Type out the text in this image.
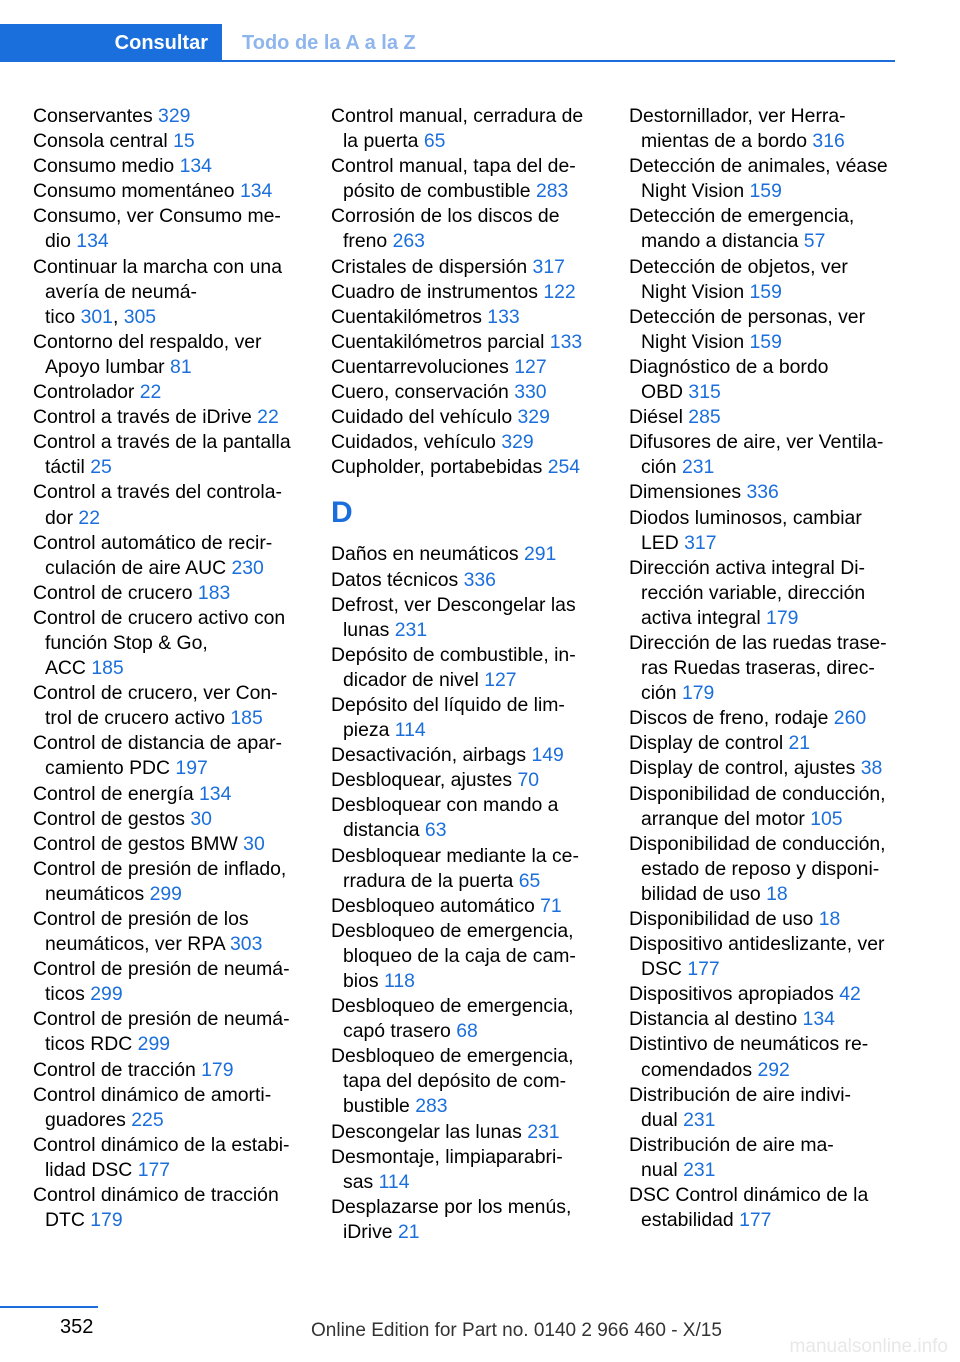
Consultar	Todo de la A a la Z
Conservantes 329
Consola central 15
Consumo medio 134
Consumo momentáneo 134
Consumo, ver Consumo me-
dio 134
Continuar la marcha con una
avería de neumá-
tico 301, 305
Contorno del respaldo, ver
Apoyo lumbar 81
Controlador 22
Control a través de iDrive 22
Control a través de la pantalla
táctil 25
Control a través del controla-
dor 22
Control automático de recir-
culación de aire AUC 230
Control de crucero 183
Control de crucero activo con
función Stop & Go,
ACC 185
Control de crucero, ver Con-
trol de crucero activo 185
Control de distancia de apar-
camiento PDC 197
Control de energía 134
Control de gestos 30
Control de gestos BMW 30
Control de presión de inflado,
neumáticos 299
Control de presión de los
neumáticos, ver RPA 303
Control de presión de neumá-
ticos 299
Control de presión de neumá-
ticos RDC 299
Control de tracción 179
Control dinámico de amorti-
guadores 225
Control dinámico de la estabi-
lidad DSC 177
Control dinámico de tracción
DTC 179
Control manual, cerradura de
la puerta 65
Control manual, tapa del de-
pósito de combustible 283
Corrosión de los discos de
freno 263
Cristales de dispersión 317
Cuadro de instrumentos 122
Cuentakilómetros 133
Cuentakilómetros parcial 133
Cuentarrevoluciones 127
Cuero, conservación 330
Cuidado del vehículo 329
Cuidados, vehículo 329
Cupholder, portabebidas 254
D
Daños en neumáticos 291
Datos técnicos 336
Defrost, ver Descongelar las
lunas 231
Depósito de combustible, in-
dicador de nivel 127
Depósito del líquido de lim-
pieza 114
Desactivación, airbags 149
Desbloquear, ajustes 70
Desbloquear con mando a
distancia 63
Desbloquear mediante la ce-
rradura de la puerta 65
Desbloqueo automático 71
Desbloqueo de emergencia,
bloqueo de la caja de cam-
bios 118
Desbloqueo de emergencia,
capó trasero 68
Desbloqueo de emergencia,
tapa del depósito de com-
bustible 283
Descongelar las lunas 231
Desmontaje, limpiaparabri-
sas 114
Desplazarse por los menús,
iDrive 21
Destornillador, ver Herra-
mientas de a bordo 316
Detección de animales, véase
Night Vision 159
Detección de emergencia,
mando a distancia 57
Detección de objetos, ver
Night Vision 159
Detección de personas, ver
Night Vision 159
Diagnóstico de a bordo
OBD 315
Diésel 285
Difusores de aire, ver Ventila-
ción 231
Dimensiones 336
Diodos luminosos, cambiar
LED 317
Dirección activa integral Di-
rección variable, dirección
activa integral 179
Dirección de las ruedas trase-
ras Ruedas traseras, direc-
ción 179
Discos de freno, rodaje 260
Display de control 21
Display de control, ajustes 38
Disponibilidad de conducción,
arranque del motor 105
Disponibilidad de conducción,
estado de reposo y disponi-
bilidad de uso 18
Disponibilidad de uso 18
Dispositivo antideslizante, ver
DSC 177
Dispositivos apropiados 42
Distancia al destino 134
Distintivo de neumáticos re-
comendados 292
Distribución de aire indivi-
dual 231
Distribución de aire ma-
nual 231
DSC Control dinámico de la
estabilidad 177
352	Online Edition for Part no. 0140 2 966 460 - X/15
manualsonline.info
